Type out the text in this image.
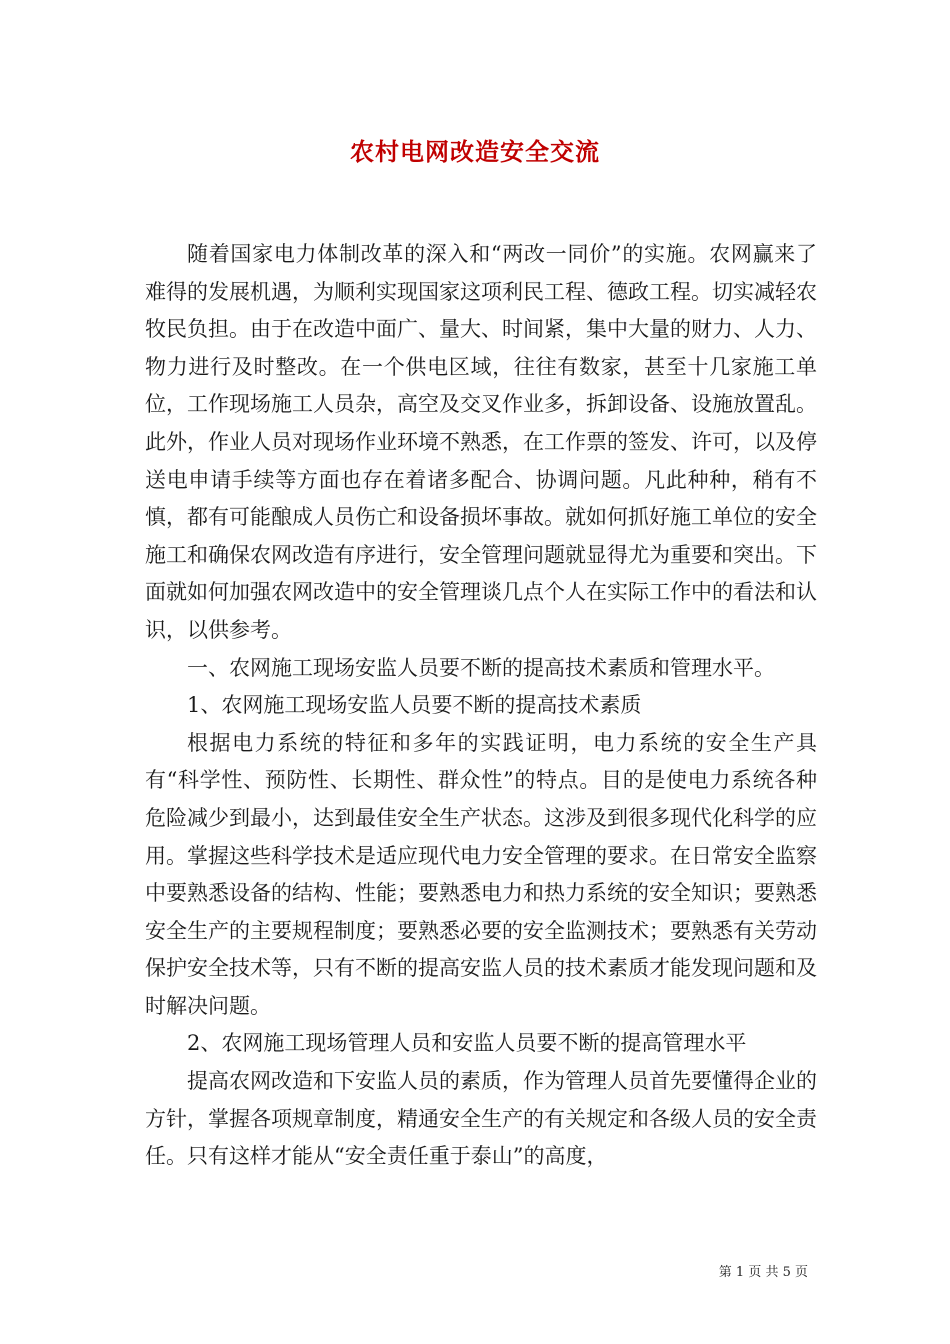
农村电网改造安全交流

随着国家电力体制改革的深入和“两改一同价”的实施。农网赢来了难得的发展机遇，为顺利实现国家这项利民工程、德政工程。切实减轻农牧民负担。由于在改造中面广、量大、时间紧，集中大量的财力、人力、物力进行及时整改。在一个供电区域，往往有数家，甚至十几家施工单位，工作现场施工人员杂，高空及交叉作业多，拆卸设备、设施放置乱。此外，作业人员对现场作业环境不熟悉，在工作票的签发、许可，以及停送电申请手续等方面也存在着诸多配合、协调问题。凡此种种，稍有不慎，都有可能酿成人员伤亡和设备损坏事故。就如何抓好施工单位的安全施工和确保农网改造有序进行，安全管理问题就显得尤为重要和突出。下面就如何加强农网改造中的安全管理谈几点个人在实际工作中的看法和认识，以供参考。

一、农网施工现场安监人员要不断的提高技术素质和管理水平。

1、农网施工现场安监人员要不断的提高技术素质

根据电力系统的特征和多年的实践证明，电力系统的安全生产具有“科学性、预防性、长期性、群众性”的特点。目的是使电力系统各种危险减少到最小，达到最佳安全生产状态。这涉及到很多现代化科学的应用。掌握这些科学技术是适应现代电力安全管理的要求。在日常安全监察中要熟悉设备的结构、性能；要熟悉电力和热力系统的安全知识；要熟悉安全生产的主要规程制度；要熟悉必要的安全监测技术；要熟悉有关劳动保护安全技术等，只有不断的提高安监人员的技术素质才能发现问题和及时解决问题。

2、农网施工现场管理人员和安监人员要不断的提高管理水平

提高农网改造和下安监人员的素质，作为管理人员首先要懂得企业的方针，掌握各项规章制度，精通安全生产的有关规定和各级人员的安全责任。只有这样才能从“安全责任重于泰山”的高度，

第 1 页 共 5 页
